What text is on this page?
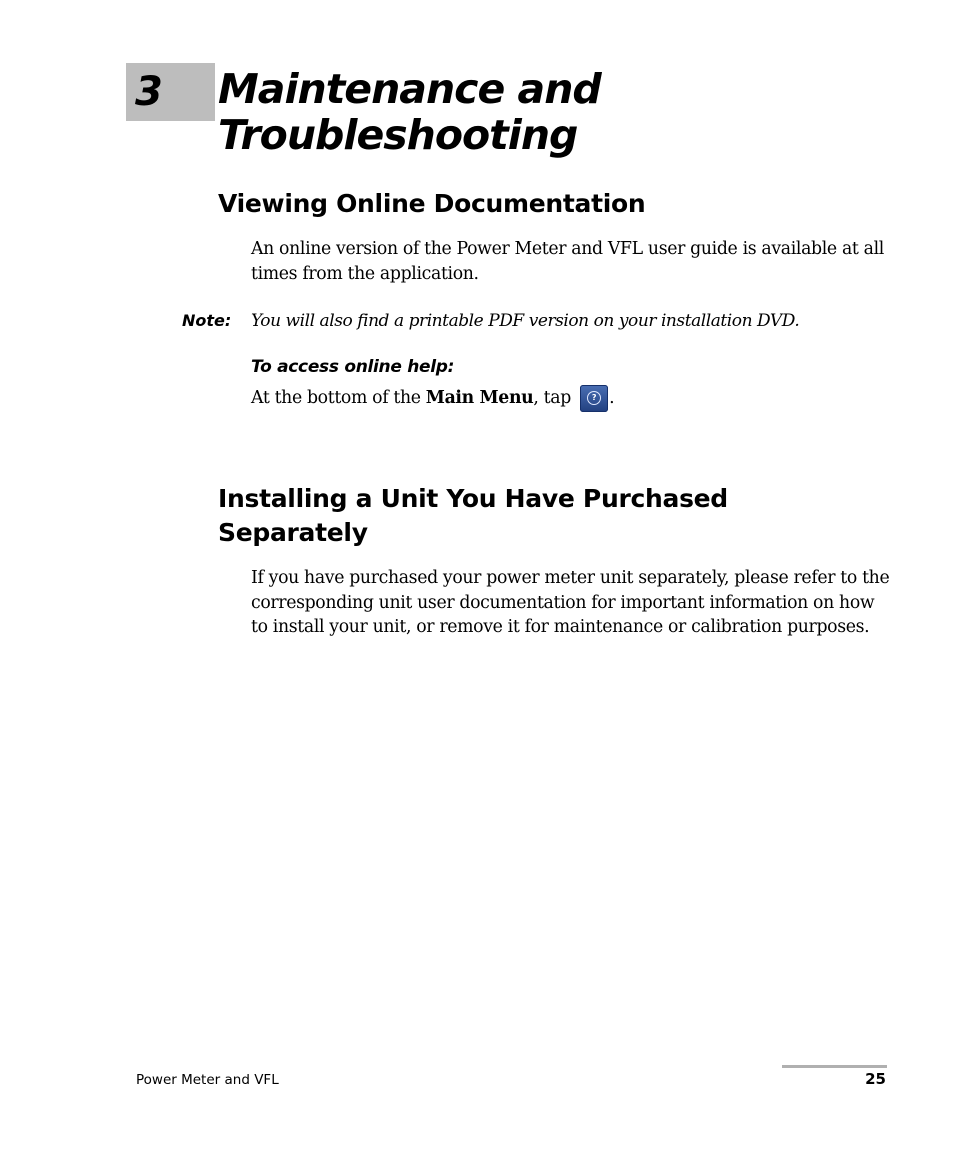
3 Maintenance and Troubleshooting
Viewing Online Documentation

An online version of the Power Meter and VFL user guide is available at all times from the application.

Note: You will also find a printable PDF version on your installation DVD.
To access online help:
At the bottom of the Main Menu , tap

	?

.
Installing a Unit You Have Purchased Separately

If you have purchased your power meter unit separately, please refer to the corresponding unit user documentation for important information on how to install your unit, or remove it for maintenance or calibration purposes.

Power Meter and VFL	25
